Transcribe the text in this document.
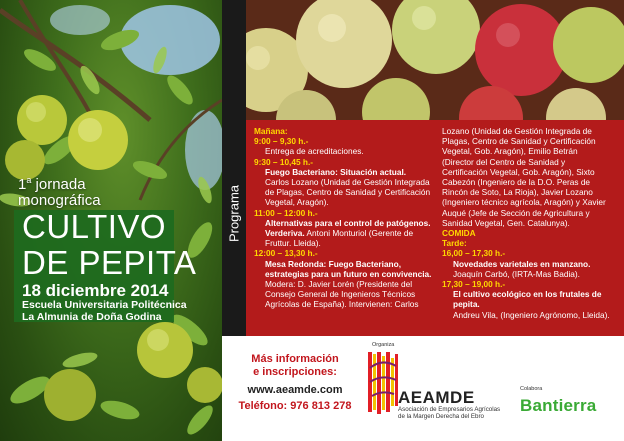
1$^a$ jornada
monográfica
CULTIVO
DE PEPITA
18 diciembre 2014
Escuela Universitaria Politécnica
La Almunia de Doña Godina
Programa

Mañana:

9:00 – 9,30 h.-

Entrega de acreditaciones.

9:30 – 10,45 h.-

Fuego Bacteriano: Situación actual.

Carlos Lozano (Unidad de Gestión Integrada

de Plagas, Centro de Sanidad y Certificación

Vegetal, Aragón).

11:00 – 12:00 h.-

Alternativas para el control de patógenos.

Verderiva. Antoni Monturiol (Gerente de

Fruttur. Lleida).

12:00 – 13,30 h.-

Mesa Redonda: Fuego Bacteriano,

estrategias para un futuro en convivencia.

Modera: D. Javier Lorén (Presidente del

Consejo General de Ingenieros Técnicos

Agrícolas de España). Intervienen: Carlos

Lozano (Unidad de Gestión Integrada de

Plagas, Centro de Sanidad y Certificación

Vegetal, Gob. Aragón), Emilio Betrán

(Director del Centro de Sanidad y

Certificación Vegetal, Gob. Aragón), Sixto

Cabezón (Ingeniero de la D.O. Peras de

Rincón de Soto, La Rioja), Javier Lozano

(Ingeniero técnico agrícola, Aragón) y Xavier

Auqué (Jefe de Sección de Agricultura y

Sanidad Vegetal, Gen. Catalunya).

COMIDA

Tarde:

16,00 – 17,30 h.-

Novedades varietales en manzano.

Joaquín Carbó, (IRTA-Mas Badia).

17,30 – 19,00 h.-

El cultivo ecológico en los frutales de pepita.

Andreu Vila, (Ingeniero Agrónomo, Lleida).

Más información
e inscripciones:
www.aeamde.com
Teléfono: 976 813 278
Organiza
AEAMDE
Asociación de Empresarios Agrícolas
de la Margen Derecha del Ebro
Colabora
Bantierra
